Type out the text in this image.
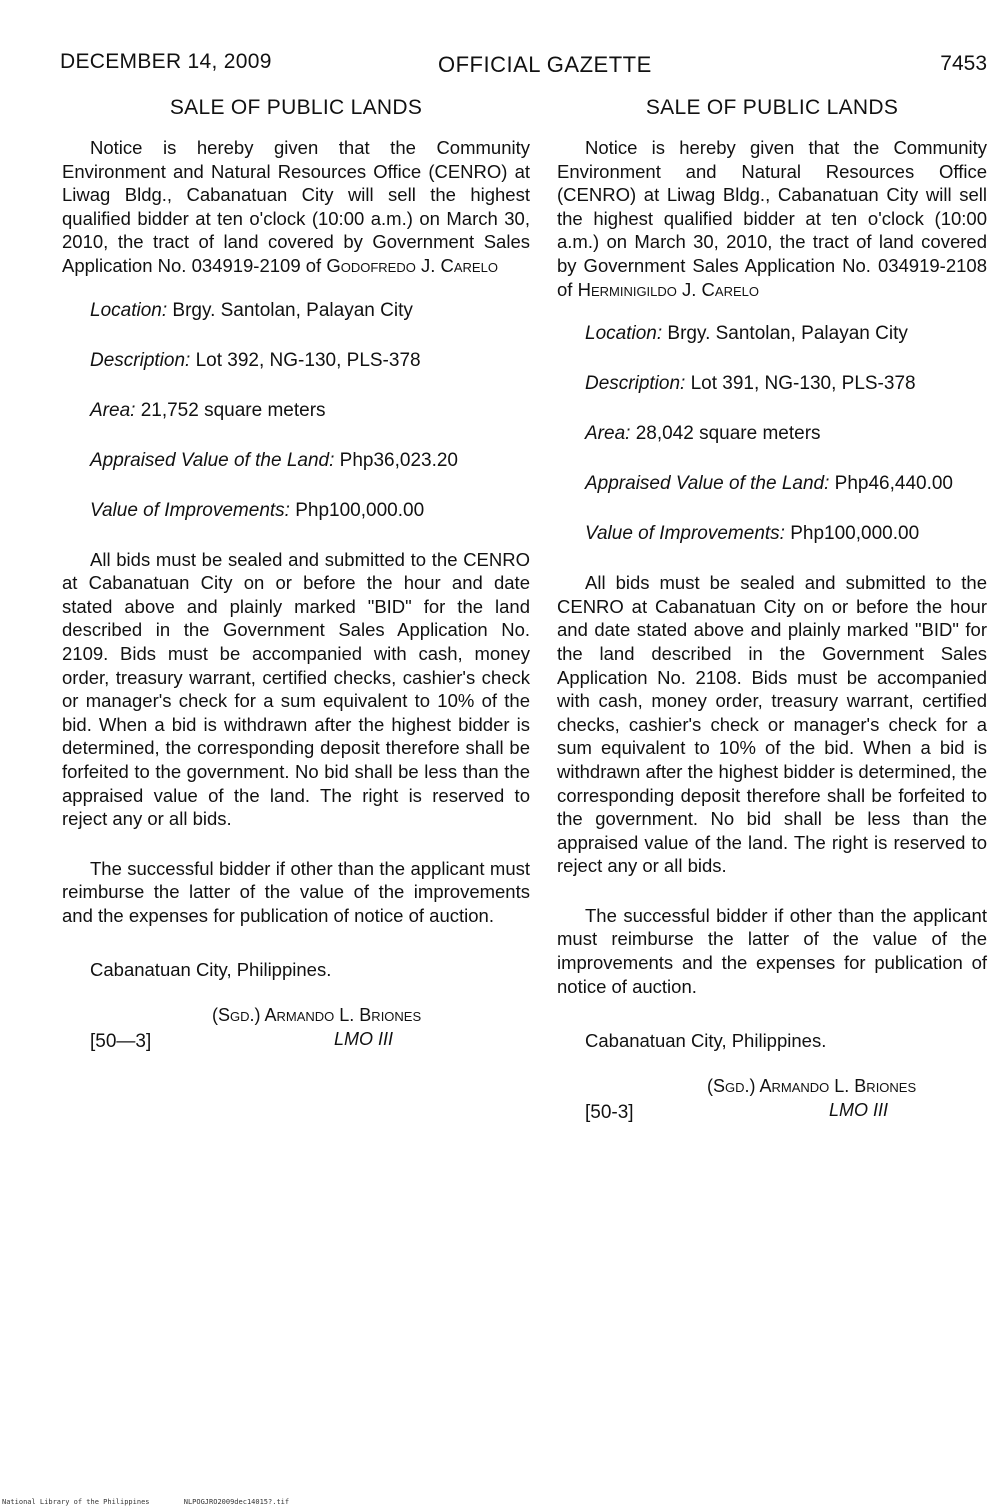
DECEMBER 14, 2009	OFFICIAL GAZETTE	7453
SALE OF PUBLIC LANDS

Notice is hereby given that the Community Environment and Natural Resources Office (CENRO) at Liwag Bldg., Cabanatuan City will sell the highest qualified bidder at ten o'clock (10:00 a.m.) on March 30, 2010, the tract of land covered by Government Sales Application No. 034919-2109 of Godofredo J. Carelo

Location: Brgy. Santolan, Palayan City
Description: Lot 392, NG-130, PLS-378
Area: 21,752 square meters
Appraised Value of the Land: Php36,023.20
Value of Improvements: Php100,000.00

All bids must be sealed and submitted to the CENRO at Cabanatuan City on or before the hour and date stated above and plainly marked "BID" for the land described in the Government Sales Application No. 2109. Bids must be accompanied with cash, money order, treasury warrant, certified checks, cashier's check or manager's check for a sum equivalent to 10% of the bid. When a bid is withdrawn after the highest bidder is determined, the corresponding deposit therefore shall be forfeited to the government. No bid shall be less than the appraised value of the land. The right is reserved to reject any or all bids.

The successful bidder if other than the applicant must reimburse the latter of the value of the improvements and the expenses for publication of notice of auction.

Cabanatuan City, Philippines.
(Sgd.) Armando L. Briones
LMO III
[50—3]
SALE OF PUBLIC LANDS

Notice is hereby given that the Community Environment and Natural Resources Office (CENRO) at Liwag Bldg., Cabanatuan City will sell the highest qualified bidder at ten o'clock (10:00 a.m.) on March 30, 2010, the tract of land covered by Government Sales Application No. 034919-2108 of Herminigildo J. Carelo

Location: Brgy. Santolan, Palayan City
Description: Lot 391, NG-130, PLS-378
Area: 28,042 square meters
Appraised Value of the Land: Php46,440.00
Value of Improvements: Php100,000.00

All bids must be sealed and submitted to the CENRO at Cabanatuan City on or before the hour and date stated above and plainly marked "BID" for the land described in the Government Sales Application No. 2108. Bids must be accompanied with cash, money order, treasury warrant, certified checks, cashier's check or manager's check for a sum equivalent to 10% of the bid. When a bid is withdrawn after the highest bidder is determined, the corresponding deposit therefore shall be forfeited to the government. No bid shall be less than the appraised value of the land. The right is reserved to reject any or all bids.

The successful bidder if other than the applicant must reimburse the latter of the value of the improvements and the expenses for publication of notice of auction.

Cabanatuan City, Philippines.
(Sgd.) Armando L. Briones
LMO III
[50-3]
National Library of the Philippines	NLPOGJRO2009dec14015?.tif
